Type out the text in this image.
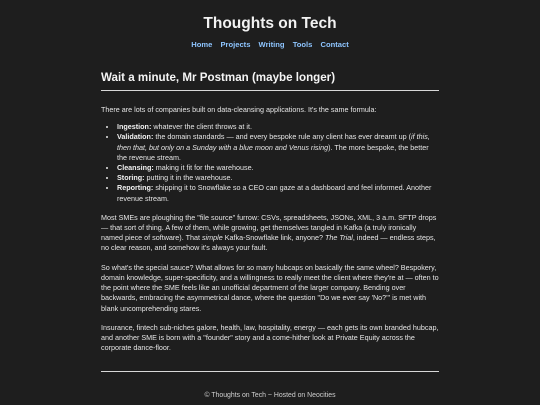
Thoughts on Tech
Home Projects Writing Tools Contact
Wait a minute, Mr Postman (maybe longer)

There are lots of companies built on data-cleansing applications. It's the same formula:

• Ingestion: whatever the client throws at it.
• Validation: the domain standards — and every bespoke rule any client has ever dreamt up (if this, then that, but only on a Sunday with a blue moon and Venus rising). The more bespoke, the better the revenue stream.
• Cleansing: making it fit for the warehouse.
• Storing: putting it in the warehouse.
• Reporting: shipping it to Snowflake so a CEO can gaze at a dashboard and feel informed. Another revenue stream.

Most SMEs are ploughing the "file source" furrow: CSVs, spreadsheets, JSONs, XML, 3 a.m. SFTP drops — that sort of thing. A few of them, while growing, get themselves tangled in Kafka (a truly ironically named piece of software). That simple Kafka-Snowflake link, anyone? The Trial, indeed — endless steps, no clear reason, and somehow it's always your fault.

So what's the special sauce? What allows for so many hubcaps on basically the same wheel? Bespokery, domain knowledge, super-specificity, and a willingness to really meet the client where they're at — often to the point where the SME feels like an unofficial department of the larger company. Bending over backwards, embracing the asymmetrical dance, where the question "Do we ever say 'No?'" is met with blank uncomprehending stares.

Insurance, fintech sub-niches galore, health, law, hospitality, energy — each gets its own branded hubcap, and another SME is born with a "founder" story and a come-hither look at Private Equity across the corporate dance-floor.

© Thoughts on Tech ~ Hosted on Neocities
